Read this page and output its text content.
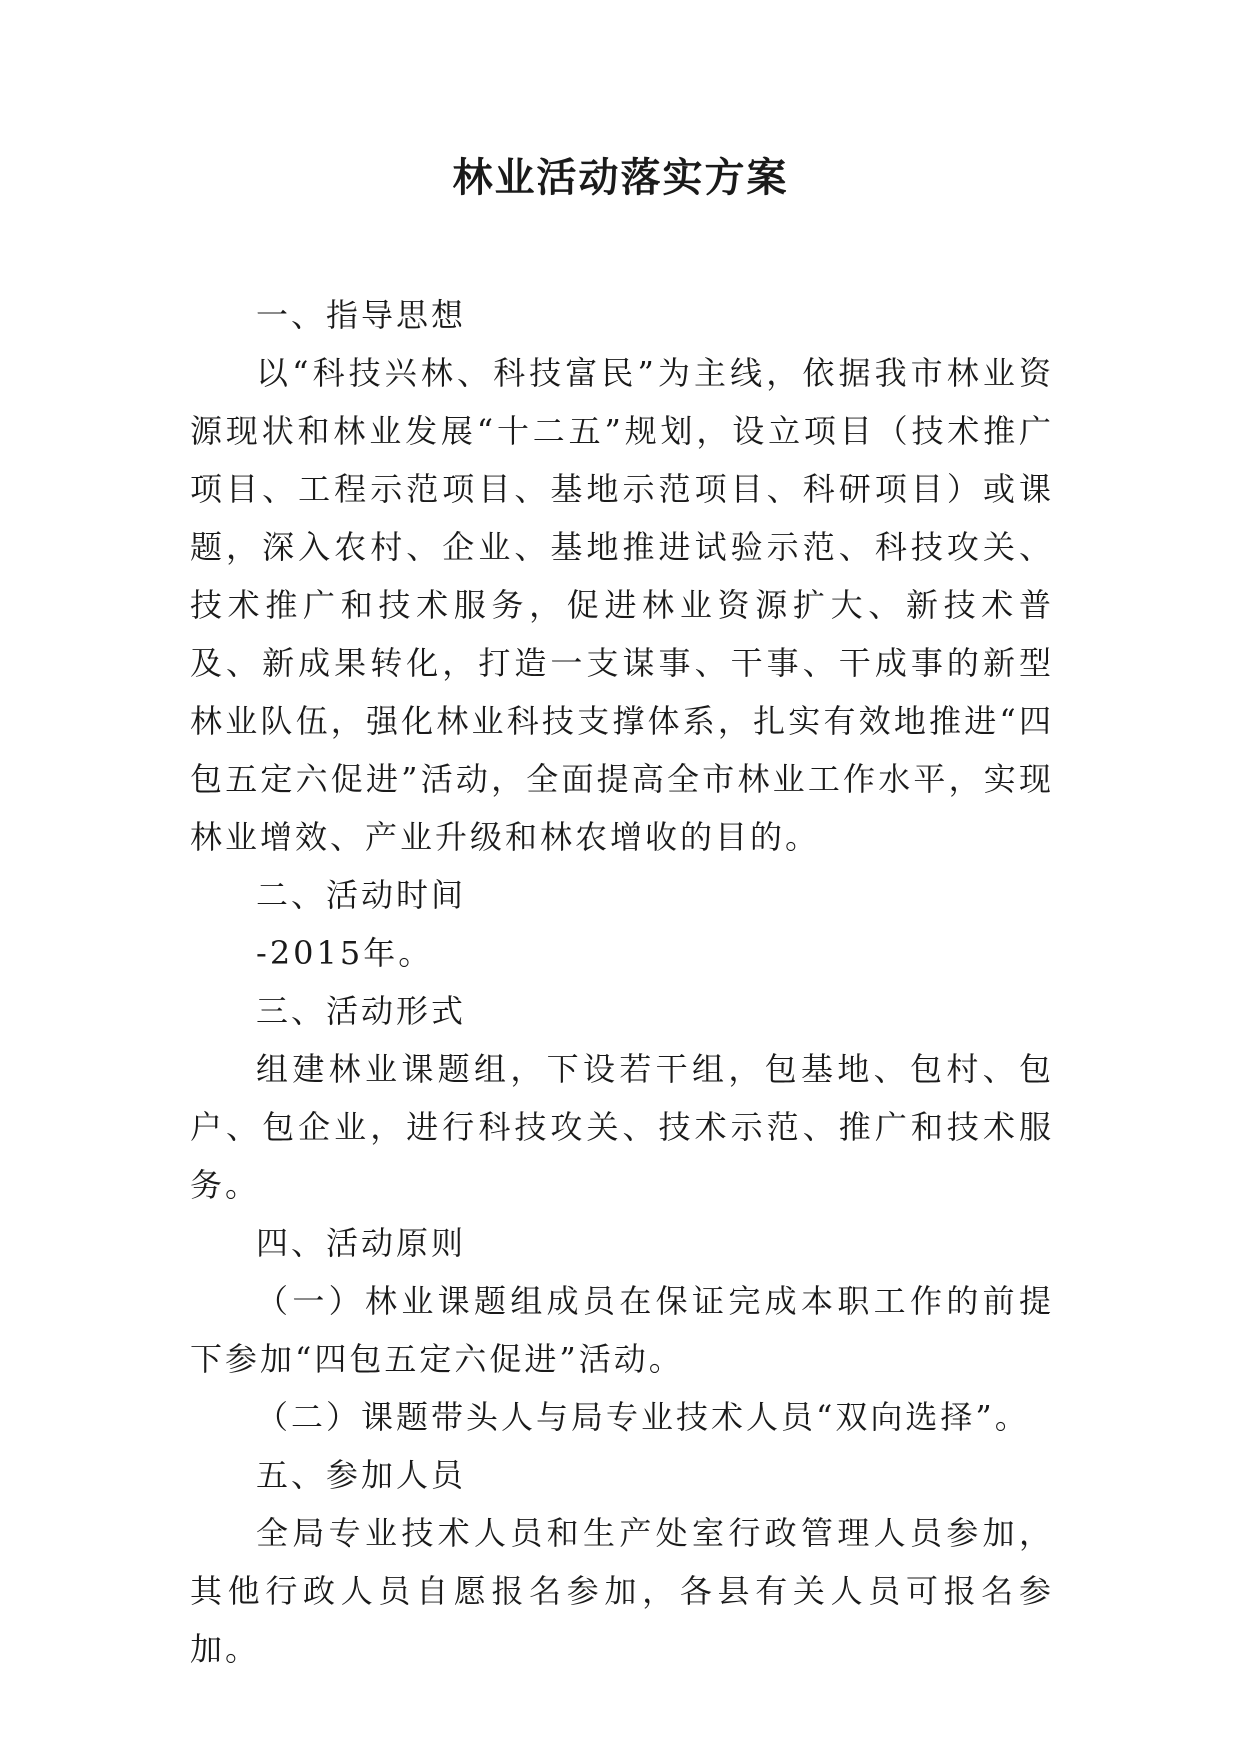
林业活动落实方案

一、指导思想

以“科技兴林、科技富民”为主线，依据我市林业资源现状和林业发展“十二五”规划，设立项目（技术推广项目、工程示范项目、基地示范项目、科研项目）或课题，深入农村、企业、基地推进试验示范、科技攻关、技术推广和技术服务，促进林业资源扩大、新技术普及、新成果转化，打造一支谋事、干事、干成事的新型林业队伍，强化林业科技支撑体系，扎实有效地推进“四包五定六促进”活动，全面提高全市林业工作水平，实现林业增效、产业升级和林农增收的目的。

二、活动时间

-2015年。

三、活动形式

组建林业课题组，下设若干组，包基地、包村、包户、包企业，进行科技攻关、技术示范、推广和技术服务。

四、活动原则

（一）林业课题组成员在保证完成本职工作的前提下参加“四包五定六促进”活动。

（二）课题带头人与局专业技术人员“双向选择”。

五、参加人员

全局专业技术人员和生产处室行政管理人员参加，其他行政人员自愿报名参加，各县有关人员可报名参加。
